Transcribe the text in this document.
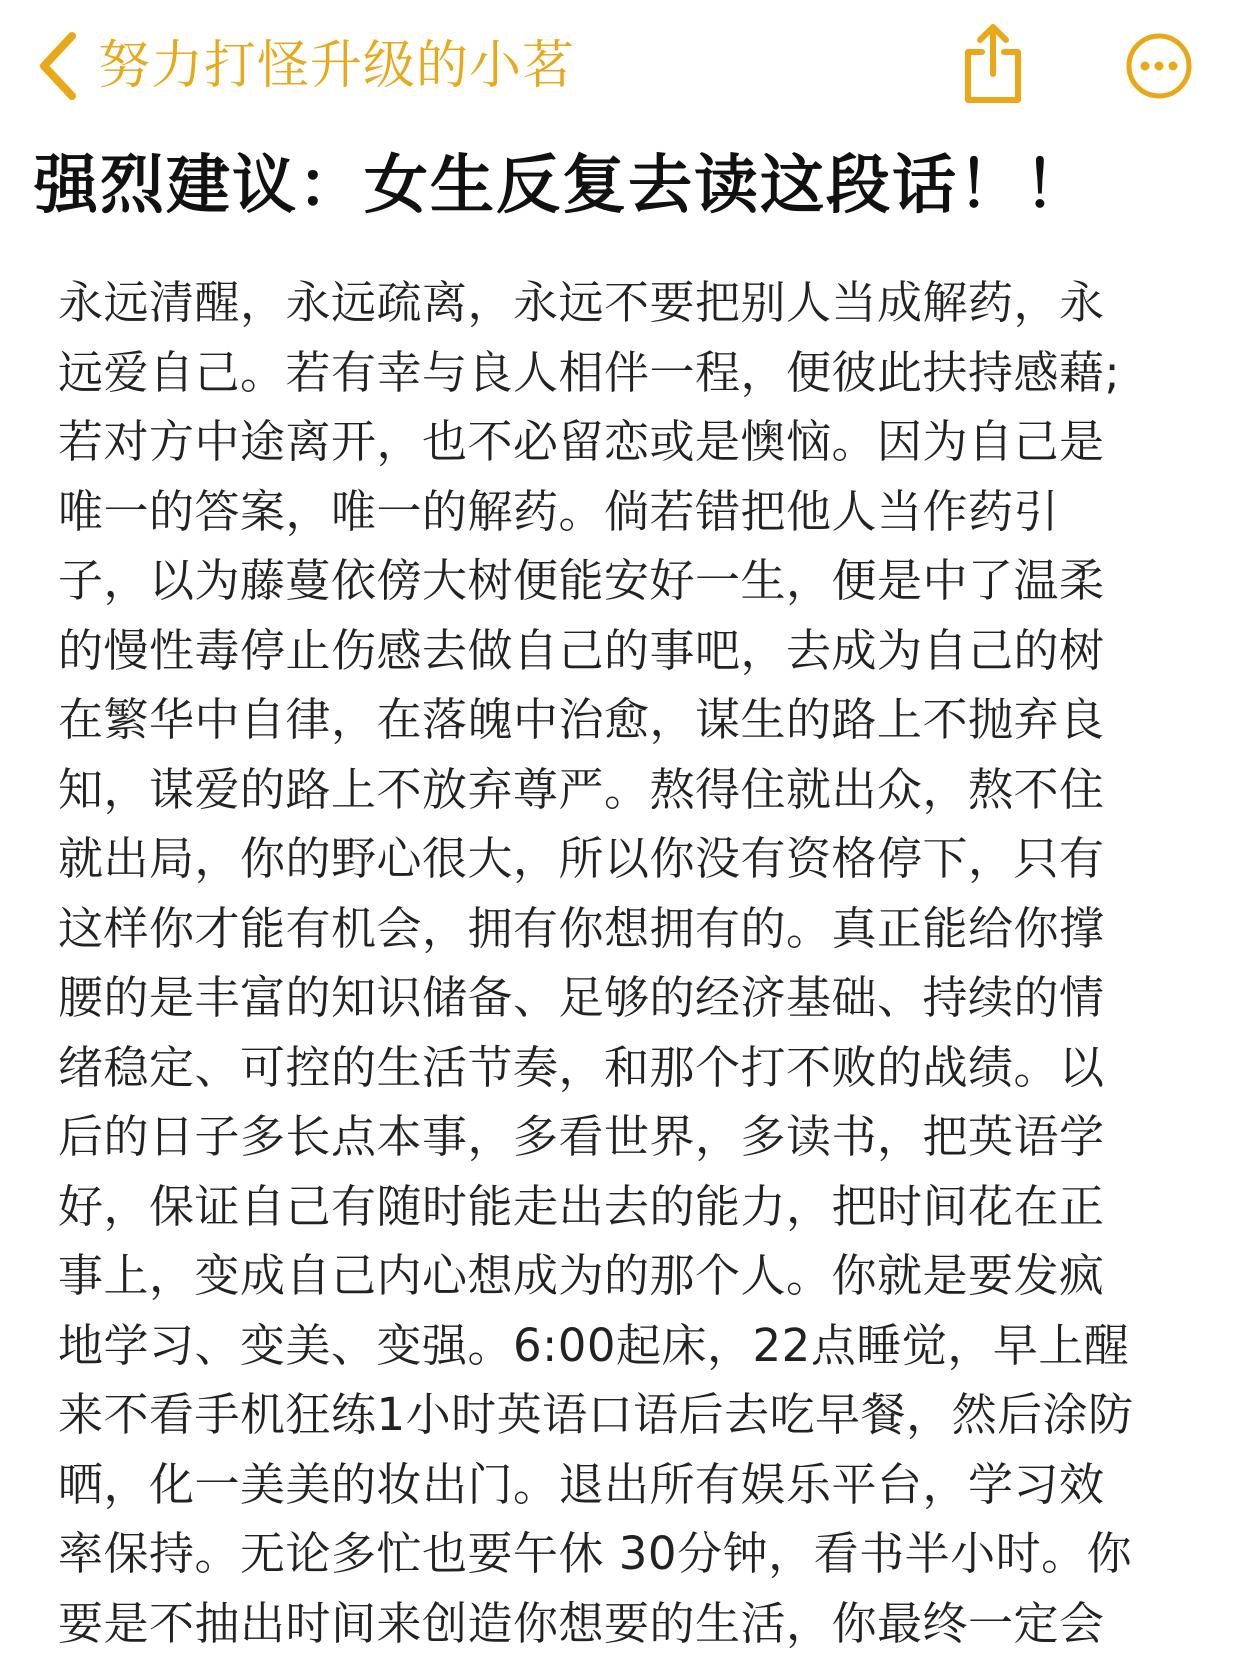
努力打怪升级的小茗
强烈建议：女生反复去读这段话！！
永远清醒，永远疏离，永远不要把别人当成解药，永
远爱自己。若有幸与良人相伴一程，便彼此扶持感藉;
若对方中途离开，也不必留恋或是懊恼。因为自己是
唯一的答案，唯一的解药。倘若错把他人当作药引
子，以为藤蔓依傍大树便能安好一生，便是中了温柔
的慢性毒停止伤感去做自己的事吧，去成为自己的树
在繁华中自律，在落魄中治愈，谋生的路上不抛弃良
知，谋爱的路上不放弃尊严。熬得住就出众，熬不住
就出局，你的野心很大，所以你没有资格停下，只有
这样你才能有机会，拥有你想拥有的。真正能给你撑
腰的是丰富的知识储备、足够的经济基础、持续的情
绪稳定、可控的生活节奏，和那个打不败的战绩。以
后的日子多长点本事，多看世界，多读书，把英语学
好，保证自己有随时能走出去的能力，把时间花在正
事上，变成自己内心想成为的那个人。你就是要发疯
地学习、变美、变强。6:00起床，22点睡觉，早上醒
来不看手机狂练1小时英语口语后去吃早餐，然后涂防
晒，化一美美的妆出门。退出所有娱乐平台，学习效
率保持。无论多忙也要午休 30分钟，看书半小时。你
要是不抽出时间来创造你想要的生活，你最终一定会
